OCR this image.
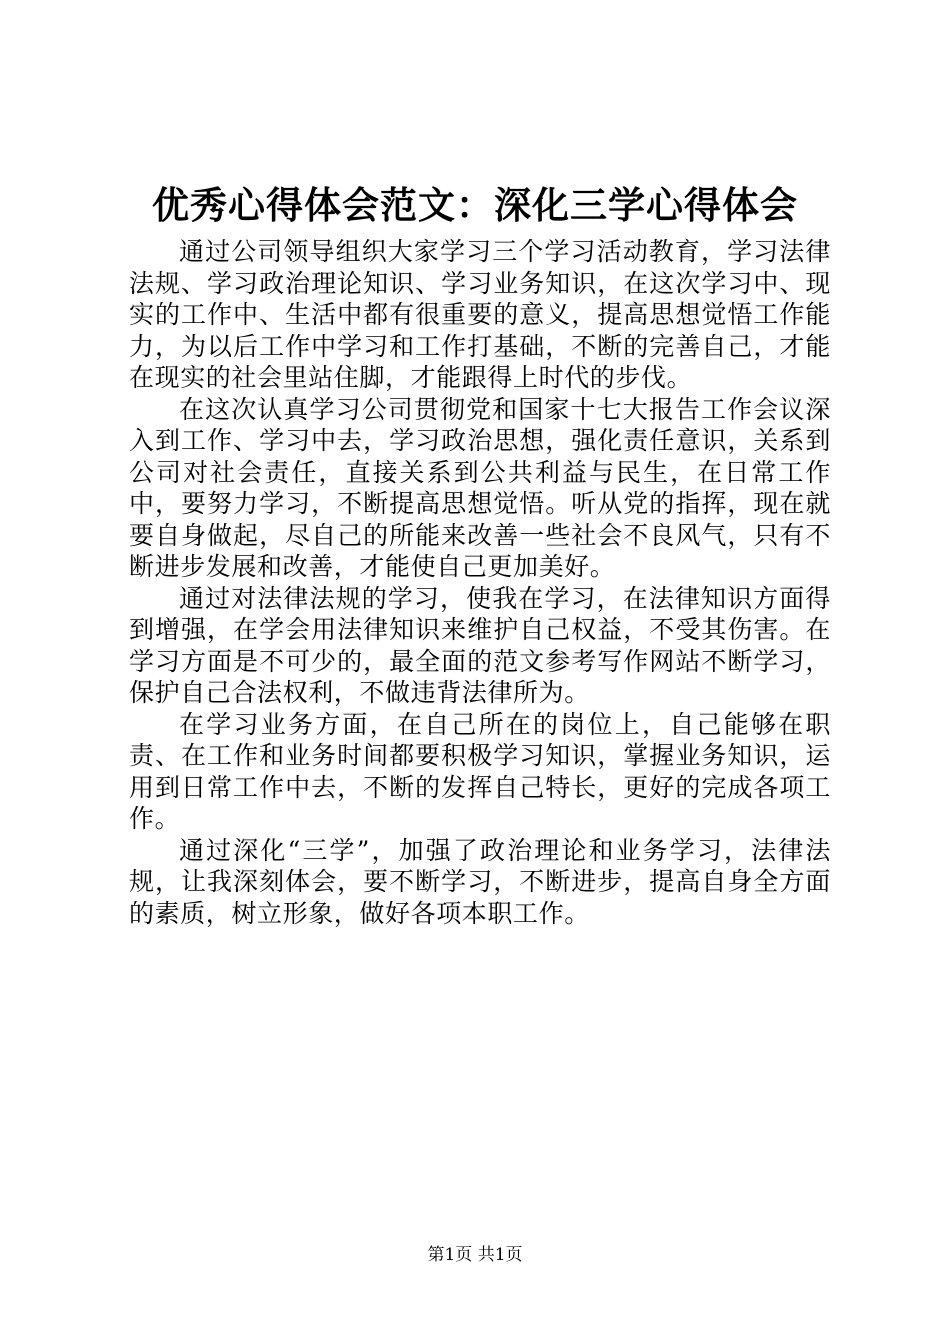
优秀心得体会范文：深化三学心得体会

通过公司领导组织大家学习三个学习活动教育，学习法律法规、学习政治理论知识、学习业务知识，在这次学习中、现实的工作中、生活中都有很重要的意义，提高思想觉悟工作能力，为以后工作中学习和工作打基础，不断的完善自己，才能在现实的社会里站住脚，才能跟得上时代的步伐。

在这次认真学习公司贯彻党和国家十七大报告工作会议深入到工作、学习中去，学习政治思想，强化责任意识，关系到公司对社会责任，直接关系到公共利益与民生，在日常工作中，要努力学习，不断提高思想觉悟。听从党的指挥，现在就要自身做起，尽自己的所能来改善一些社会不良风气，只有不断进步发展和改善，才能使自己更加美好。

通过对法律法规的学习，使我在学习，在法律知识方面得到增强，在学会用法律知识来维护自己权益，不受其伤害。在学习方面是不可少的，最全面的范文参考写作网站不断学习，保护自己合法权利，不做违背法律所为。

在学习业务方面，在自己所在的岗位上，自己能够在职责、在工作和业务时间都要积极学习知识，掌握业务知识，运用到日常工作中去，不断的发挥自己特长，更好的完成各项工作。

通过深化“三学”，加强了政治理论和业务学习，法律法规，让我深刻体会，要不断学习，不断进步，提高自身全方面的素质，树立形象，做好各项本职工作。

第1页 共1页
